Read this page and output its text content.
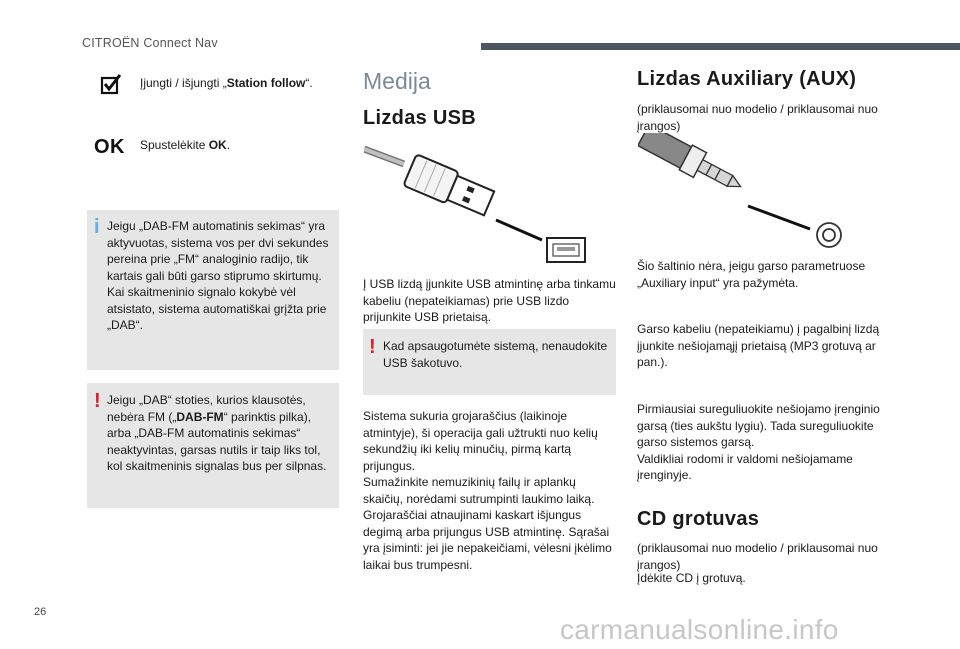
CITROËN Connect Nav
Įjungti / išjungti „Station follow“.
OK Spustelėkite OK.
i Jeigu „DAB-FM automatinis sekimas“ yra aktyvuotas, sistema vos per dvi sekundes pereina prie „FM“ analoginio radijo, tik kartais gali būti garso stiprumo skirtumų. Kai skaitmeninio signalo kokybė vėl atsistato, sistema automatiškai grįžta prie „DAB“.
! Jeigu „DAB“ stoties, kurios klausotės, nebėra FM („DAB-FM“ parinktis pilka), arba „DAB-FM automatinis sekimas“ neaktyvintas, garsas nutils ir taip liks tol, kol skaitmeninis signalas bus per silpnas.
Medija
Lizdas USB
Į USB lizdą įjunkite USB atmintinę arba tinkamu kabeliu (nepateikiamas) prie USB lizdo prijunkite USB prietaisą.
! Kad apsaugotumėte sistemą, nenaudokite USB šakotuvo.
Sistema sukuria grojaraščius (laikinoje atmintyje), ši operacija gali užtrukti nuo kelių sekundžių iki kelių minučių, pirmą kartą prijungus.
Sumažinkite nemuzikinių failų ir aplankų skaičių, norėdami sutrumpinti laukimo laiką.
Grojaraščiai atnaujinami kaskart išjungus degimą arba prijungus USB atmintinę. Sąrašai yra įsiminti: jei jie nepakeičiami, vėlesni įkėlimo laikai bus trumpesni.
Lizdas Auxiliary (AUX)
(priklausomai nuo modelio / priklausomai nuo įrangos)
Šio šaltinio nėra, jeigu garso parametruose „Auxiliary input“ yra pažymėta.
Garso kabeliu (nepateikiamu) į pagalbinį lizdą įjunkite nešiojamąjį prietaisą (MP3 grotuvą ar pan.).
Pirmiausiai sureguliuokite nešiojamo įrenginio garsą (ties aukštu lygiu). Tada sureguliuokite garso sistemos garsą.
Valdikliai rodomi ir valdomi nešiojamame įrenginyje.
CD grotuvas
(priklausomai nuo modelio / priklausomai nuo įrangos)
Įdėkite CD į grotuvą.
26
carmanualsonline.info
